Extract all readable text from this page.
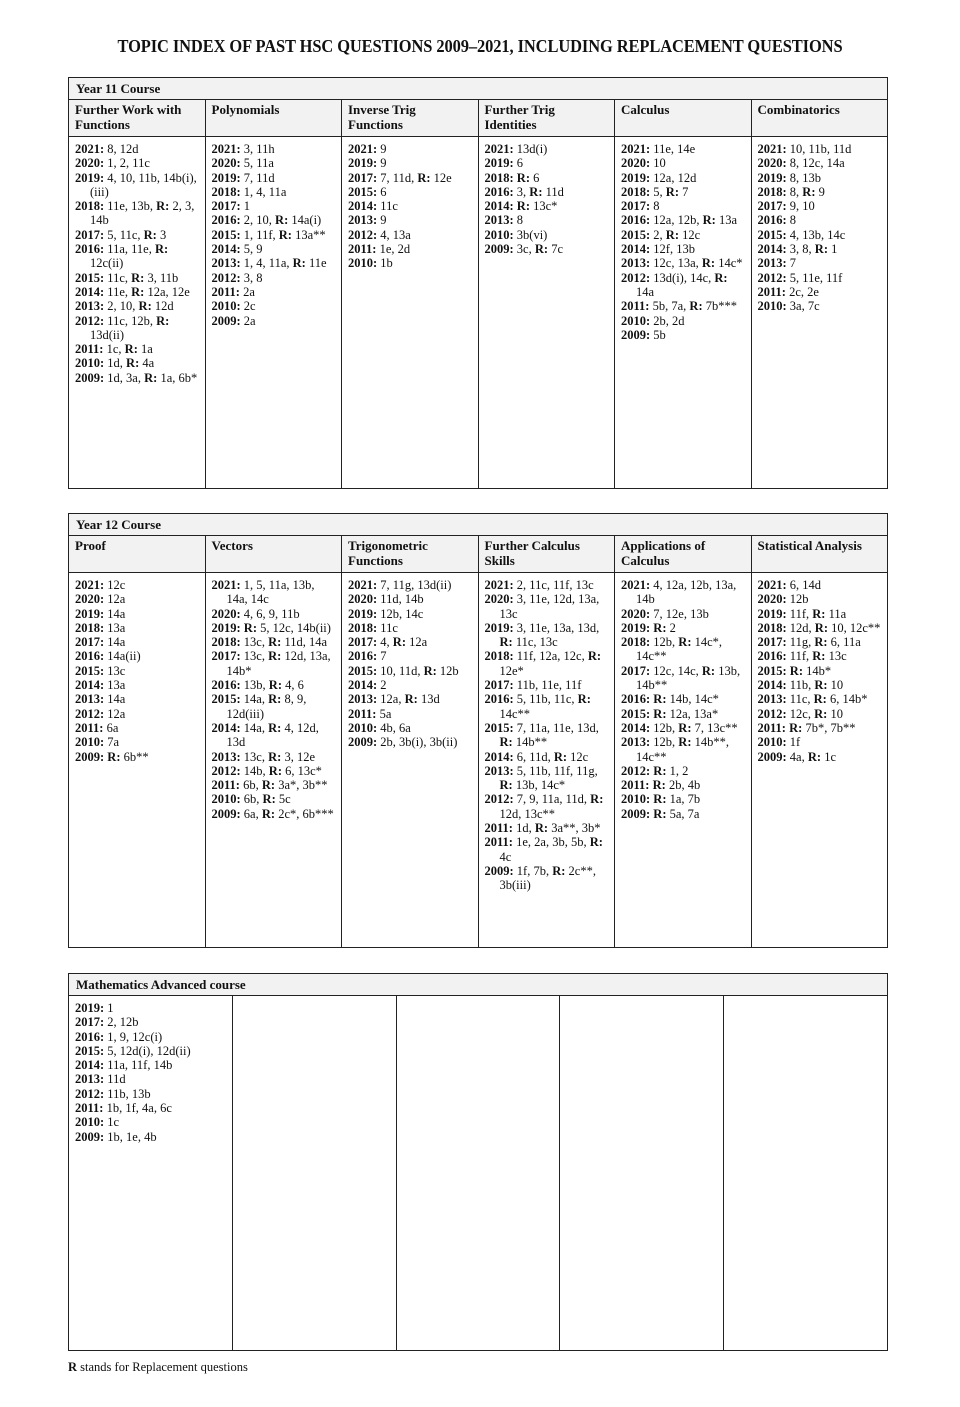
TOPIC INDEX OF PAST HSC QUESTIONS 2009–2021, INCLUDING REPLACEMENT QUESTIONS
Year 11 Course
Further Work with Functions
2021: 8, 12d
2020: 1, 2, 11c
2019: 4, 10, 11b, 14b(i), (iii)
2018: 11e, 13b, R: 2, 3, 14b
2017: 5, 11c, R: 3
2016: 11a, 11e, R: 12c(ii)
2015: 11c, R: 3, 11b
2014: 11e, R: 12a, 12e
2013: 2, 10, R: 12d
2012: 11c, 12b, R: 13d(ii)
2011: 1c, R: 1a
2010: 1d, R: 4a
2009: 1d, 3a, R: 1a, 6b*
Polynomials
2021: 3, 11h
2020: 5, 11a
2019: 7, 11d
2018: 1, 4, 11a
2017: 1
2016: 2, 10, R: 14a(i)
2015: 1, 11f, R: 13a**
2014: 5, 9
2013: 1, 4, 11a, R: 11e
2012: 3, 8
2011: 2a
2010: 2c
2009: 2a
Inverse Trig Functions
2021: 9
2019: 9
2017: 7, 11d, R: 12e
2015: 6
2014: 11c
2013: 9
2012: 4, 13a
2011: 1e, 2d
2010: 1b
Further Trig Identities
2021: 13d(i)
2019: 6
2018: R: 6
2016: 3, R: 11d
2014: R: 13c*
2013: 8
2010: 3b(vi)
2009: 3c, R: 7c
Calculus
2021: 11e, 14e
2020: 10
2019: 12a, 12d
2018: 5, R: 7
2017: 8
2016: 12a, 12b, R: 13a
2015: 2, R: 12c
2014: 12f, 13b
2013: 12c, 13a, R: 14c*
2012: 13d(i), 14c, R: 14a
2011: 5b, 7a, R: 7b***
2010: 2b, 2d
2009: 5b
Combinatorics
2021: 10, 11b, 11d
2020: 8, 12c, 14a
2019: 8, 13b
2018: 8, R: 9
2017: 9, 10
2016: 8
2015: 4, 13b, 14c
2014: 3, 8, R: 1
2013: 7
2012: 5, 11e, 11f
2011: 2c, 2e
2010: 3a, 7c
Year 12 Course
Proof
2021: 12c
2020: 12a
2019: 14a
2018: 13a
2017: 14a
2016: 14a(ii)
2015: 13c
2014: 13a
2013: 14a
2012: 12a
2011: 6a
2010: 7a
2009: R: 6b**
Vectors
2021: 1, 5, 11a, 13b, 14a, 14c
2020: 4, 6, 9, 11b
2019: R: 5, 12c, 14b(ii)
2018: 13c, R: 11d, 14a
2017: 13c, R: 12d, 13a, 14b*
2016: 13b, R: 4, 6
2015: 14a, R: 8, 9, 12d(iii)
2014: 14a, R: 4, 12d, 13d
2013: 13c, R: 3, 12e
2012: 14b, R: 6, 13c*
2011: 6b, R: 3a*, 3b**
2010: 6b, R: 5c
2009: 6a, R: 2c*, 6b***
Trigonometric Functions
2021: 7, 11g, 13d(ii)
2020: 11d, 14b
2019: 12b, 14c
2018: 11c
2017: 4, R: 12a
2016: 7
2015: 10, 11d, R: 12b
2014: 2
2013: 12a, R: 13d
2011: 5a
2010: 4b, 6a
2009: 2b, 3b(i), 3b(ii)
Further Calculus Skills
2021: 2, 11c, 11f, 13c
2020: 3, 11e, 12d, 13a, 13c
2019: 3, 11e, 13a, 13d, R: 11c, 13c
2018: 11f, 12a, 12c, R: 12e*
2017: 11b, 11e, 11f
2016: 5, 11b, 11c, R: 14c**
2015: 7, 11a, 11e, 13d, R: 14b**
2014: 6, 11d, R: 12c
2013: 5, 11b, 11f, 11g, R: 13b, 14c*
2012: 7, 9, 11a, 11d, R: 12d, 13c**
2011: 1d, R: 3a**, 3b*
2011: 1e, 2a, 3b, 5b, R: 4c
2009: 1f, 7b, R: 2c**, 3b(iii)
Applications of Calculus
2021: 4, 12a, 12b, 13a, 14b
2020: 7, 12e, 13b
2019: R: 2
2018: 12b, R: 14c*, 14c**
2017: 12c, 14c, R: 13b, 14b**
2016: R: 14b, 14c*
2015: R: 12a, 13a*
2014: 12b, R: 7, 13c**
2013: 12b, R: 14b**, 14c**
2012: R: 1, 2
2011: R: 2b, 4b
2010: R: 1a, 7b
2009: R: 5a, 7a
Statistical Analysis
2021: 6, 14d
2020: 12b
2019: 11f, R: 11a
2018: 12d, R: 10, 12c**
2017: 11g, R: 6, 11a
2016: 11f, R: 13c
2015: R: 14b*
2014: 11b, R: 10
2013: 11c, R: 6, 14b*
2012: 12c, R: 10
2011: R: 7b*, 7b**
2010: 1f
2009: 4a, R: 1c
Mathematics Advanced course
2019: 1
2017: 2, 12b
2016: 1, 9, 12c(i)
2015: 5, 12d(i), 12d(ii)
2014: 11a, 11f, 14b
2013: 11d
2012: 11b, 13b
2011: 1b, 1f, 4a, 6c
2010: 1c
2009: 1b, 1e, 4b
R stands for Replacement questions
